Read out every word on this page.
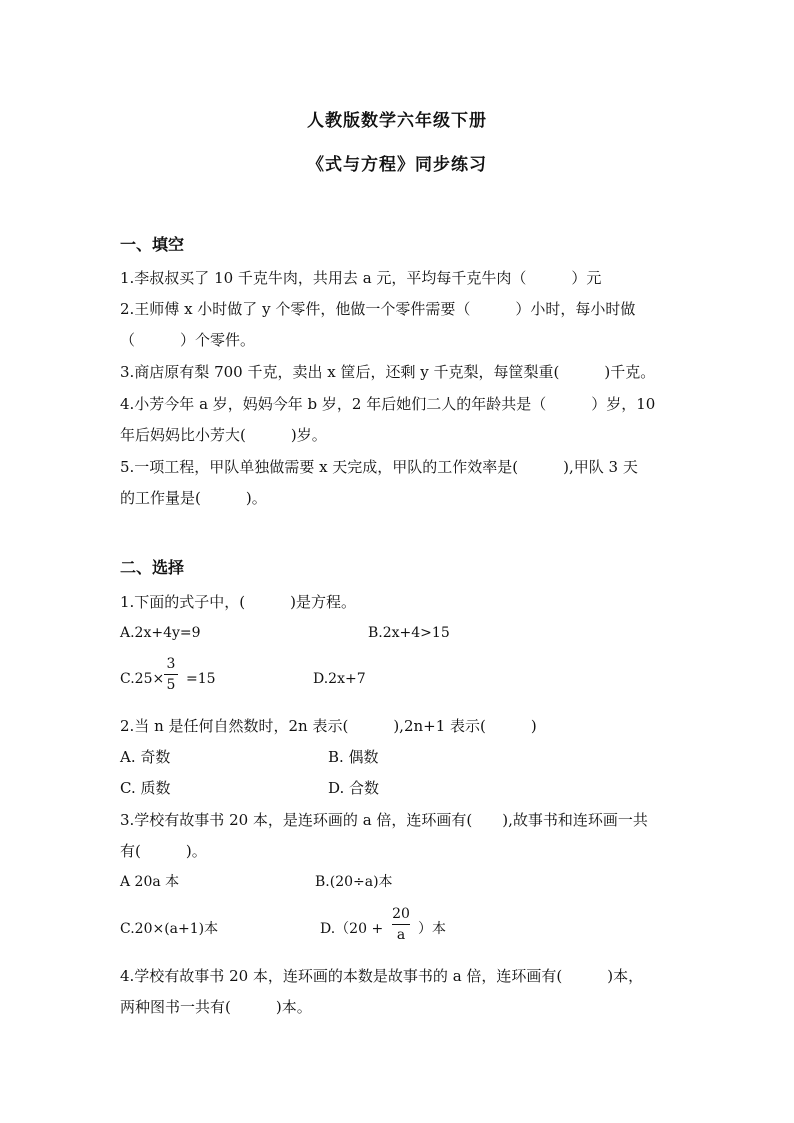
人教版数学六年级下册
《式与方程》同步练习
一、填空
1.李叔叔买了 10 千克牛肉，共用去 a 元，平均每千克牛肉（　　　）元
2.王师傅 x 小时做了 y 个零件，他做一个零件需要（　　　）小时，每小时做
（　　　）个零件。
3.商店原有梨 700 千克，卖出 x 筐后，还剩 y 千克梨，每筐梨重(　　　)千克。
4.小芳今年 a 岁，妈妈今年 b 岁，2 年后她们二人的年龄共是（　　　）岁，10
年后妈妈比小芳大(　　　)岁。
5.一项工程，甲队单独做需要 x 天完成，甲队的工作效率是(　　　),甲队 3 天
的工作量是(　　　)。
二、选择
1.下面的式子中，(　　　)是方程。
A.2x+4y=9	B.2x+4>15
C.25×
3
5 =15	D.2x+7
2.当 n 是任何自然数时，2n 表示(　　　),2n+1 表示(　　　)
A. 奇数	B. 偶数
C. 质数	D. 合数
3.学校有故事书 20 本，是连环画的 a 倍，连环画有(　　),故事书和连环画一共
有(　　　)。
A 20a 本	B.(20÷a)本
C.20×(a+1)本	D.（20 +
20
a ）本
4.学校有故事书 20 本，连环画的本数是故事书的 a 倍，连环画有(　　　)本，
两种图书一共有(　　　)本。
